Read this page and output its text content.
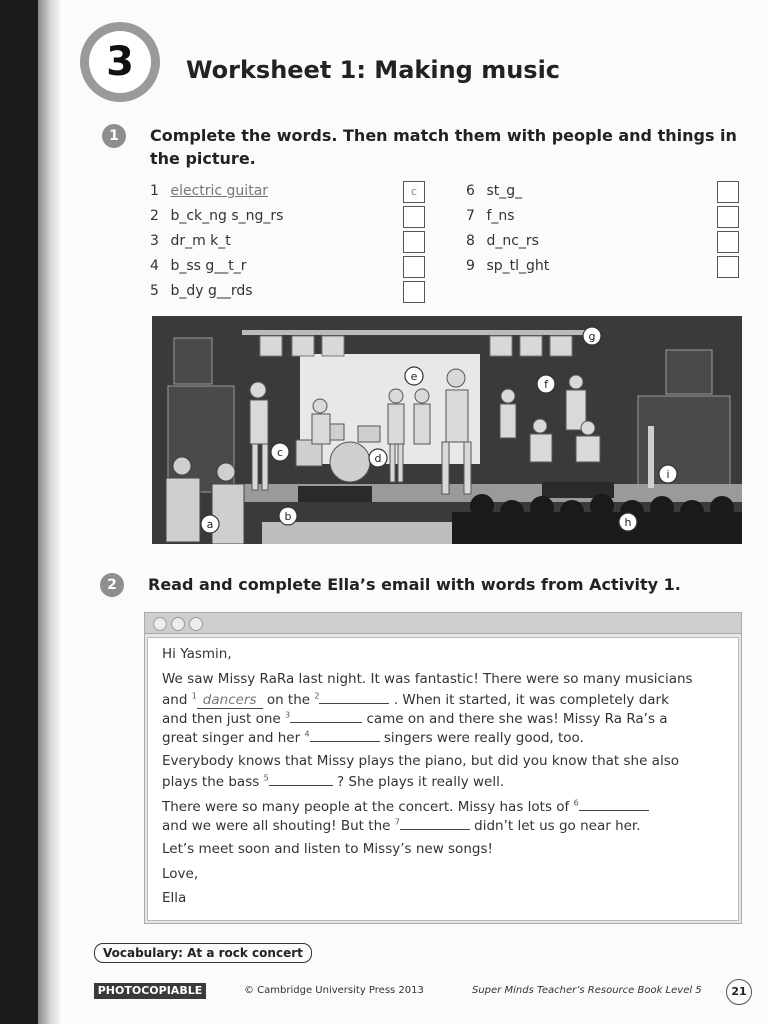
3	Worksheet 1: Making music
1	Complete the words. Then match them with people and things in
the picture.
1 electric guitar
2 b_ck_ng s_ng_rs
3 dr_m k_t
4 b_ss g__t_r
5 b_dy g__rds
c	6 st_g_
7 f_ns
8 d_nc_rs
9 sp_tl_ght
a
b
c	d
e
f
g
h
i
2	Read and complete Ella’s email with words from Activity 1.
Hi Yasmin,
We saw Missy RaRa last night. It was fantastic! There were so many musicians
and $^1$ dancers on the $^2$	. When it started, it was completely dark
and then just one $^3$	came on and there she was! Missy Ra Ra’s a
great singer and her $^4$	singers were really good, too.
Everybody knows that Missy plays the piano, but did you know that she also
plays the bass $^5$	? She plays it really well.
There were so many people at the concert. Missy has lots of $^6$
and we were all shouting! But the $^7$	didn’t let us go near her.
Let’s meet soon and listen to Missy’s new songs!
Love,
Ella
Vocabulary: At a rock concert
PHOTOCOPIABLE	© Cambridge University Press 2013	Super Minds Teacher’s Resource Book Level 5	21
